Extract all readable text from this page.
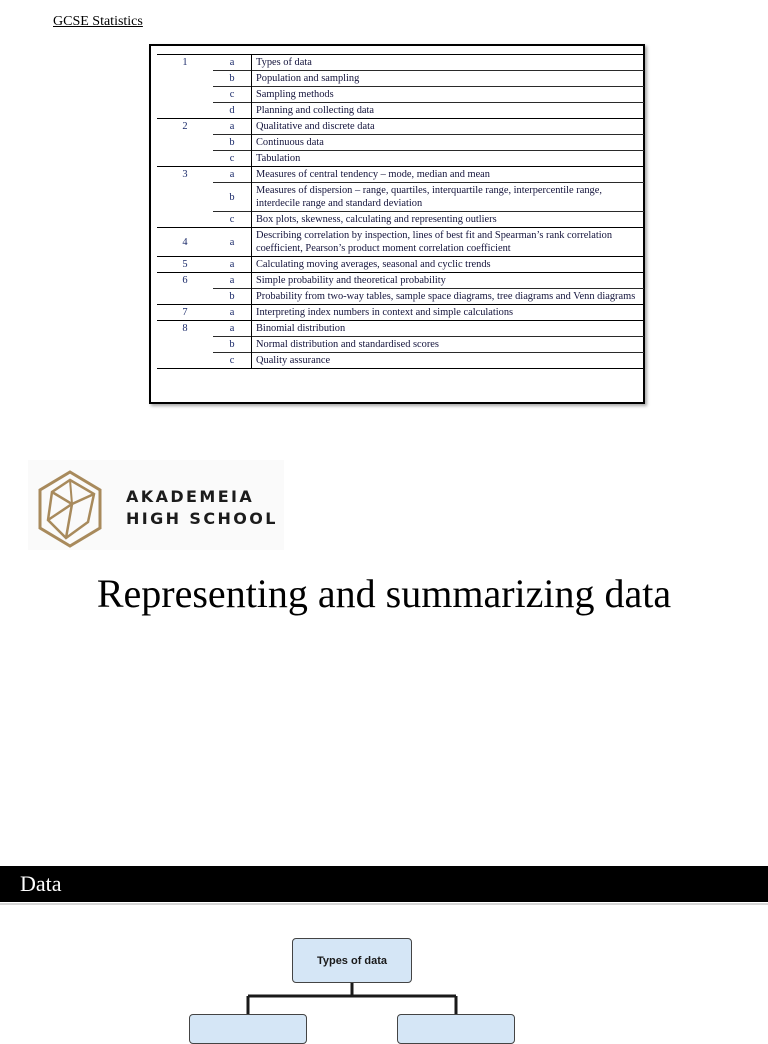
GCSE Statistics
1	a	Types of data
	b	Population and sampling
	c	Sampling methods
	d	Planning and collecting data
2	a	Qualitative and discrete data
	b	Continuous data
	c	Tabulation
3	a	Measures of central tendency – mode, median and mean
	b	Measures of dispersion – range, quartiles, interquartile range, interpercentile range, interdecile range and standard deviation
	c	Box plots, skewness, calculating and representing outliers
4	a	Describing correlation by inspection, lines of best fit and Spearman’s rank correlation coefficient, Pearson’s product moment correlation coefficient
5	a	Calculating moving averages, seasonal and cyclic trends
6	a	Simple probability and theoretical probability
	b	Probability from two-way tables, sample space diagrams, tree diagrams and Venn diagrams
7	a	Interpreting index numbers in context and simple calculations
8	a	Binomial distribution
	b	Normal distribution and standardised scores
	c	Quality assurance
AKADEMEIA
HIGH SCHOOL
Representing and summarizing data
Data
Types of data
